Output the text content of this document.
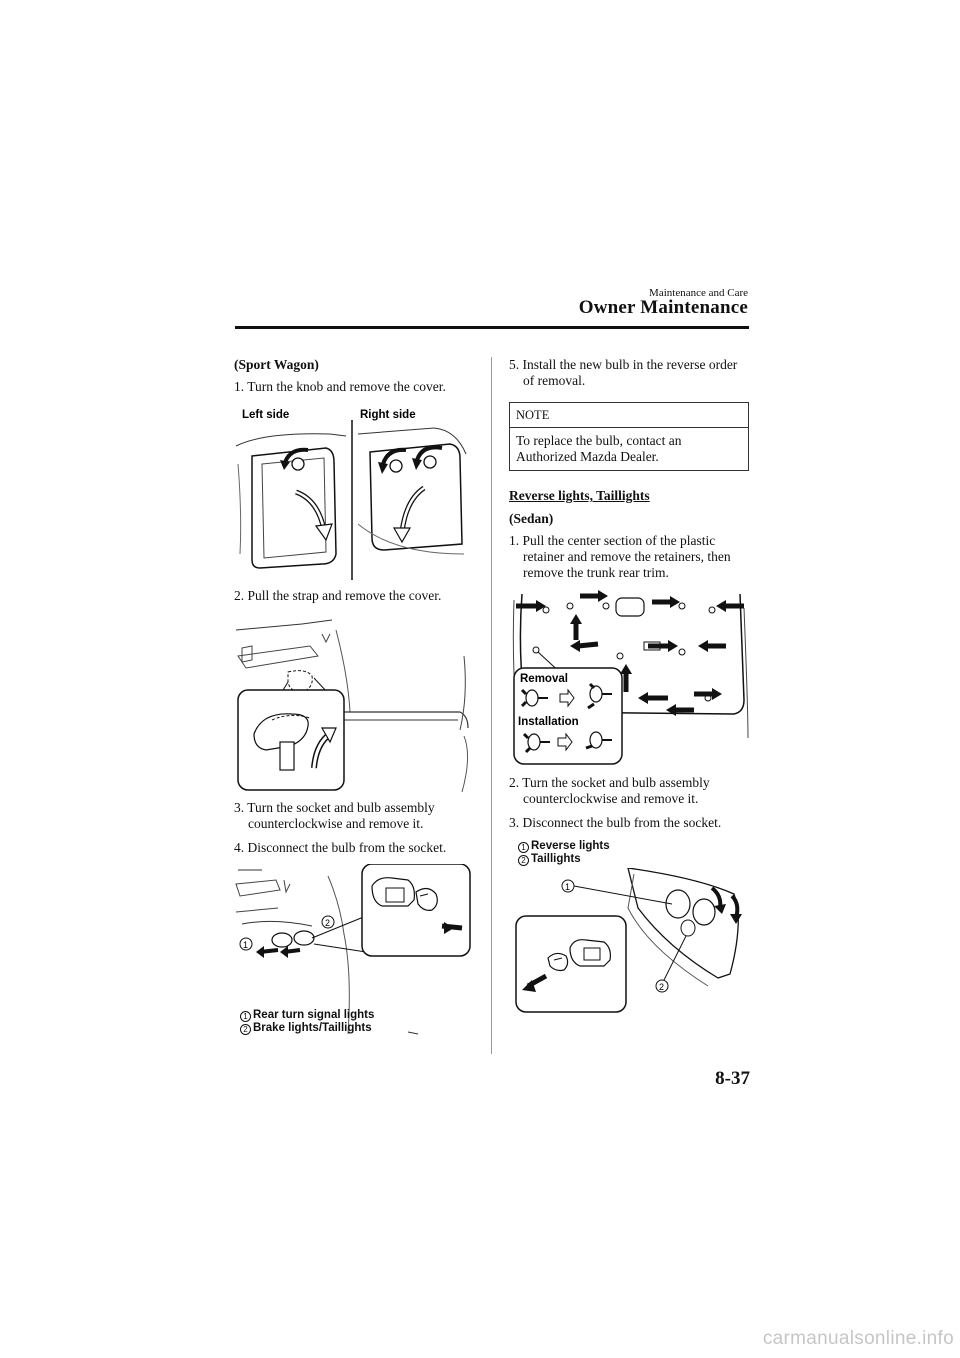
Maintenance and Care
Owner Maintenance
(Sport Wagon)
1. Turn the knob and remove the cover.
Left side	Right side
2. Pull the strap and remove the cover.
3. Turn the socket and bulb assembly counterclockwise and remove it.
4. Disconnect the bulb from the socket.
1
2
1 Rear turn signal lights
2 Brake lights/Taillights
5. Install the new bulb in the reverse order of removal.
NOTE
To replace the bulb, contact an Authorized Mazda Dealer.
Reverse lights, Taillights
(Sedan)
1. Pull the center section of the plastic retainer and remove the retainers, then remove the trunk rear trim.
Removal
Installation
2. Turn the socket and bulb assembly counterclockwise and remove it.
3. Disconnect the bulb from the socket.
1 Reverse lights
2 Taillights
1
2
8-37
carmanualsonline.info
